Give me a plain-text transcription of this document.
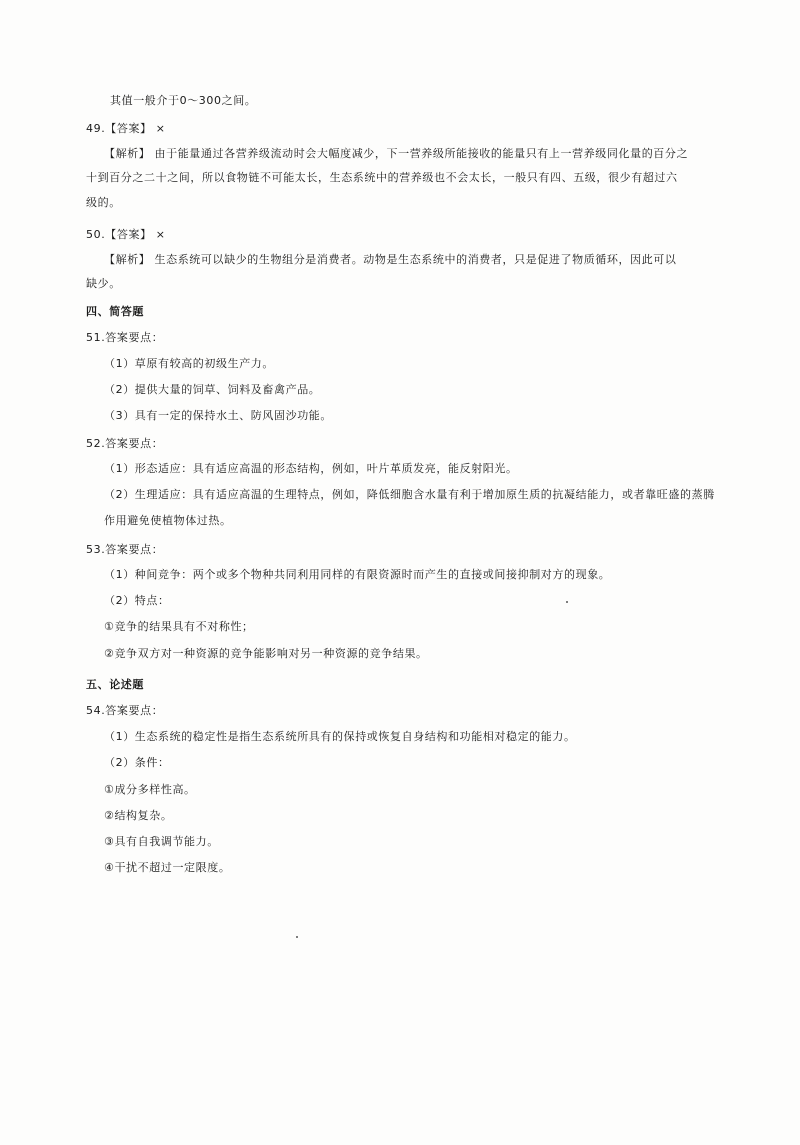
其值一般介于0～300之间。
49.【答案】 ×
【解析】 由于能量通过各营养级流动时会大幅度减少，下一营养级所能接收的能量只有上一营养级同化量的百分之
十到百分之二十之间，所以食物链不可能太长，生态系统中的营养级也不会太长，一般只有四、五级，很少有超过六
级的。
50.【答案】 ×
【解析】 生态系统可以缺少的生物组分是消费者。动物是生态系统中的消费者，只是促进了物质循环，因此可以
缺少。
四、简答题
51.答案要点：
（1）草原有较高的初级生产力。
（2）提供大量的饲草、饲料及畜禽产品。
（3）具有一定的保持水土、防风固沙功能。
52.答案要点：
（1）形态适应：具有适应高温的形态结构，例如，叶片革质发亮，能反射阳光。
（2）生理适应：具有适应高温的生理特点，例如，降低细胞含水量有利于增加原生质的抗凝结能力，或者靠旺盛的蒸腾
作用避免使植物体过热。
53.答案要点：
（1）种间竞争：两个或多个物种共同利用同样的有限资源时而产生的直接或间接抑制对方的现象。
（2）特点：
①竞争的结果具有不对称性；
②竞争双方对一种资源的竞争能影响对另一种资源的竞争结果。
五、论述题
54.答案要点：
（1）生态系统的稳定性是指生态系统所具有的保持或恢复自身结构和功能相对稳定的能力。
（2）条件：
①成分多样性高。
②结构复杂。
③具有自我调节能力。
④干扰不超过一定限度。
